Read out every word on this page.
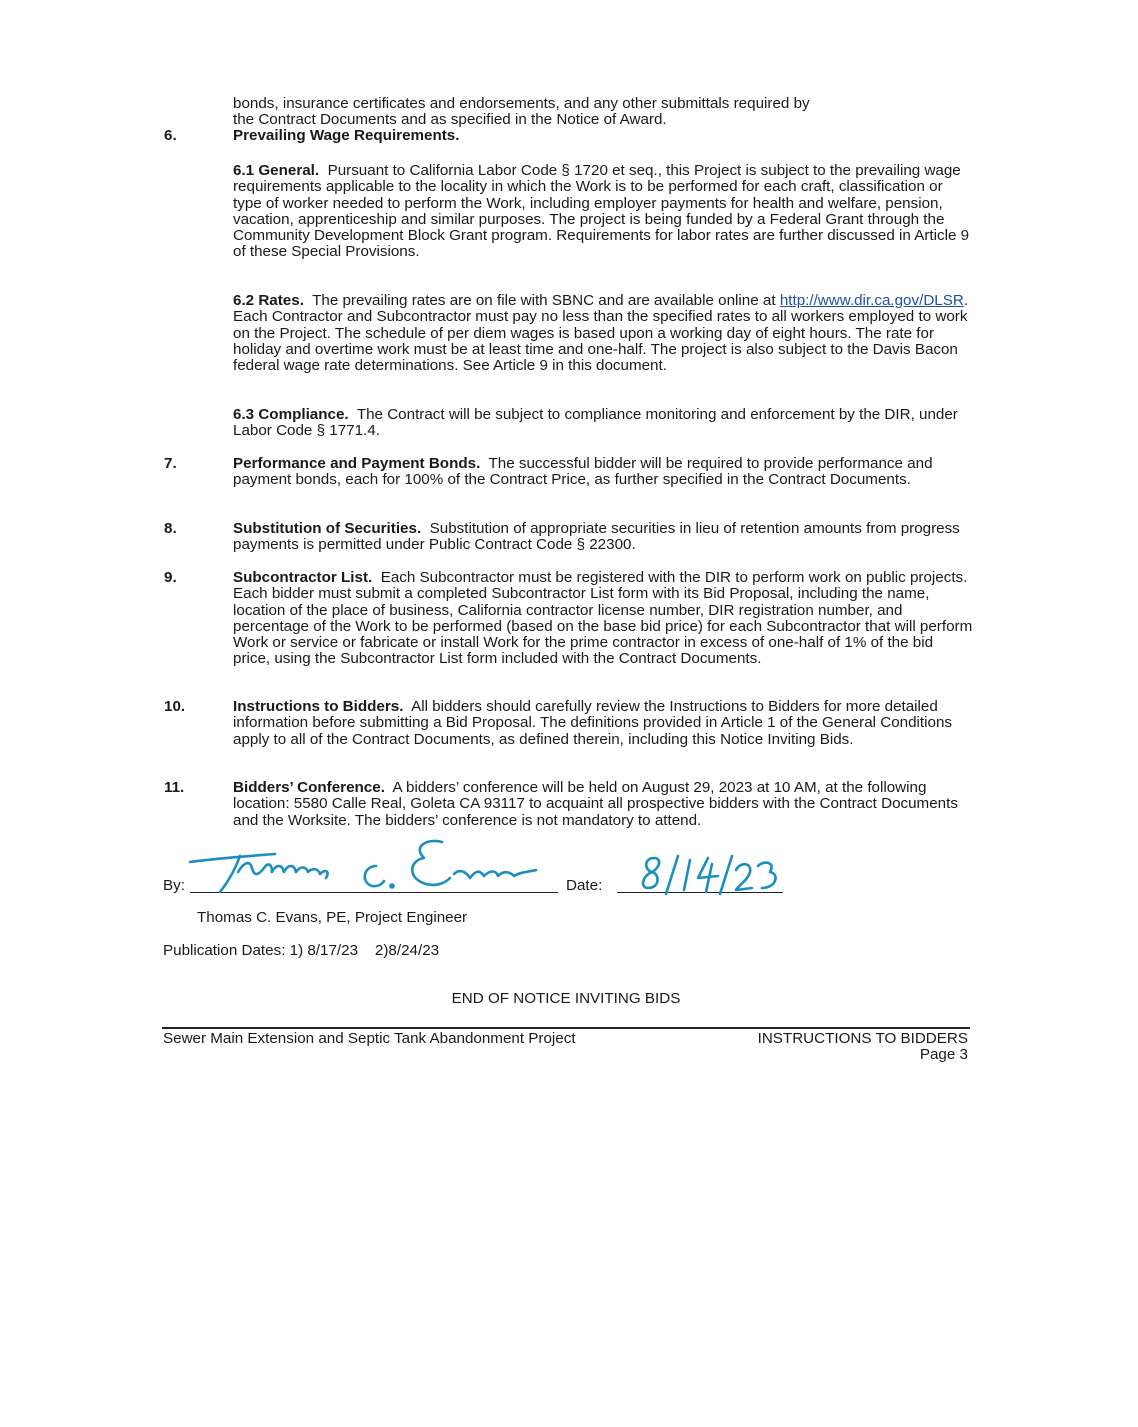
bonds, insurance certificates and endorsements, and any other submittals required by
the Contract Documents and as specified in the Notice of Award.
6.	Prevailing Wage Requirements.
6.1 General. Pursuant to California Labor Code § 1720 et seq., this Project is subject to the prevailing wage requirements applicable to the locality in which the Work is to be performed for each craft, classification or type of worker needed to perform the Work, including employer payments for health and welfare, pension, vacation, apprenticeship and similar purposes. The project is being funded by a Federal Grant through the Community Development Block Grant program. Requirements for labor rates are further discussed in Article 9 of these Special Provisions.
6.2 Rates. The prevailing rates are on file with SBNC and are available online at http://www.dir.ca.gov/DLSR. Each Contractor and Subcontractor must pay no less than the specified rates to all workers employed to work on the Project. The schedule of per diem wages is based upon a working day of eight hours. The rate for holiday and overtime work must be at least time and one-half. The project is also subject to the Davis Bacon federal wage rate determinations. See Article 9 in this document.
6.3 Compliance. The Contract will be subject to compliance monitoring and enforcement by the DIR, under Labor Code § 1771.4.
7.	Performance and Payment Bonds. The successful bidder will be required to provide performance and payment bonds, each for 100% of the Contract Price, as further specified in the Contract Documents.
8.	Substitution of Securities. Substitution of appropriate securities in lieu of retention amounts from progress payments is permitted under Public Contract Code § 22300.
9.	Subcontractor List. Each Subcontractor must be registered with the DIR to perform work on public projects. Each bidder must submit a completed Subcontractor List form with its Bid Proposal, including the name, location of the place of business, California contractor license number, DIR registration number, and percentage of the Work to be performed (based on the base bid price) for each Subcontractor that will perform Work or service or fabricate or install Work for the prime contractor in excess of one-half of 1% of the bid price, using the Subcontractor List form included with the Contract Documents.
10.	Instructions to Bidders. All bidders should carefully review the Instructions to Bidders for more detailed information before submitting a Bid Proposal. The definitions provided in Article 1 of the General Conditions apply to all of the Contract Documents, as defined therein, including this Notice Inviting Bids.
11.	Bidders’ Conference. A bidders’ conference will be held on August 29, 2023 at 10 AM, at the following location: 5580 Calle Real, Goleta CA 93117 to acquaint all prospective bidders with the Contract Documents and the Worksite. The bidders’ conference is not mandatory to attend.
By:	Date:
Thomas C. Evans, PE, Project Engineer
Publication Dates: 1) 8/17/23    2)8/24/23
END OF NOTICE INVITING BIDS
Sewer Main Extension and Septic Tank Abandonment Project	INSTRUCTIONS TO BIDDERS
Page 3
